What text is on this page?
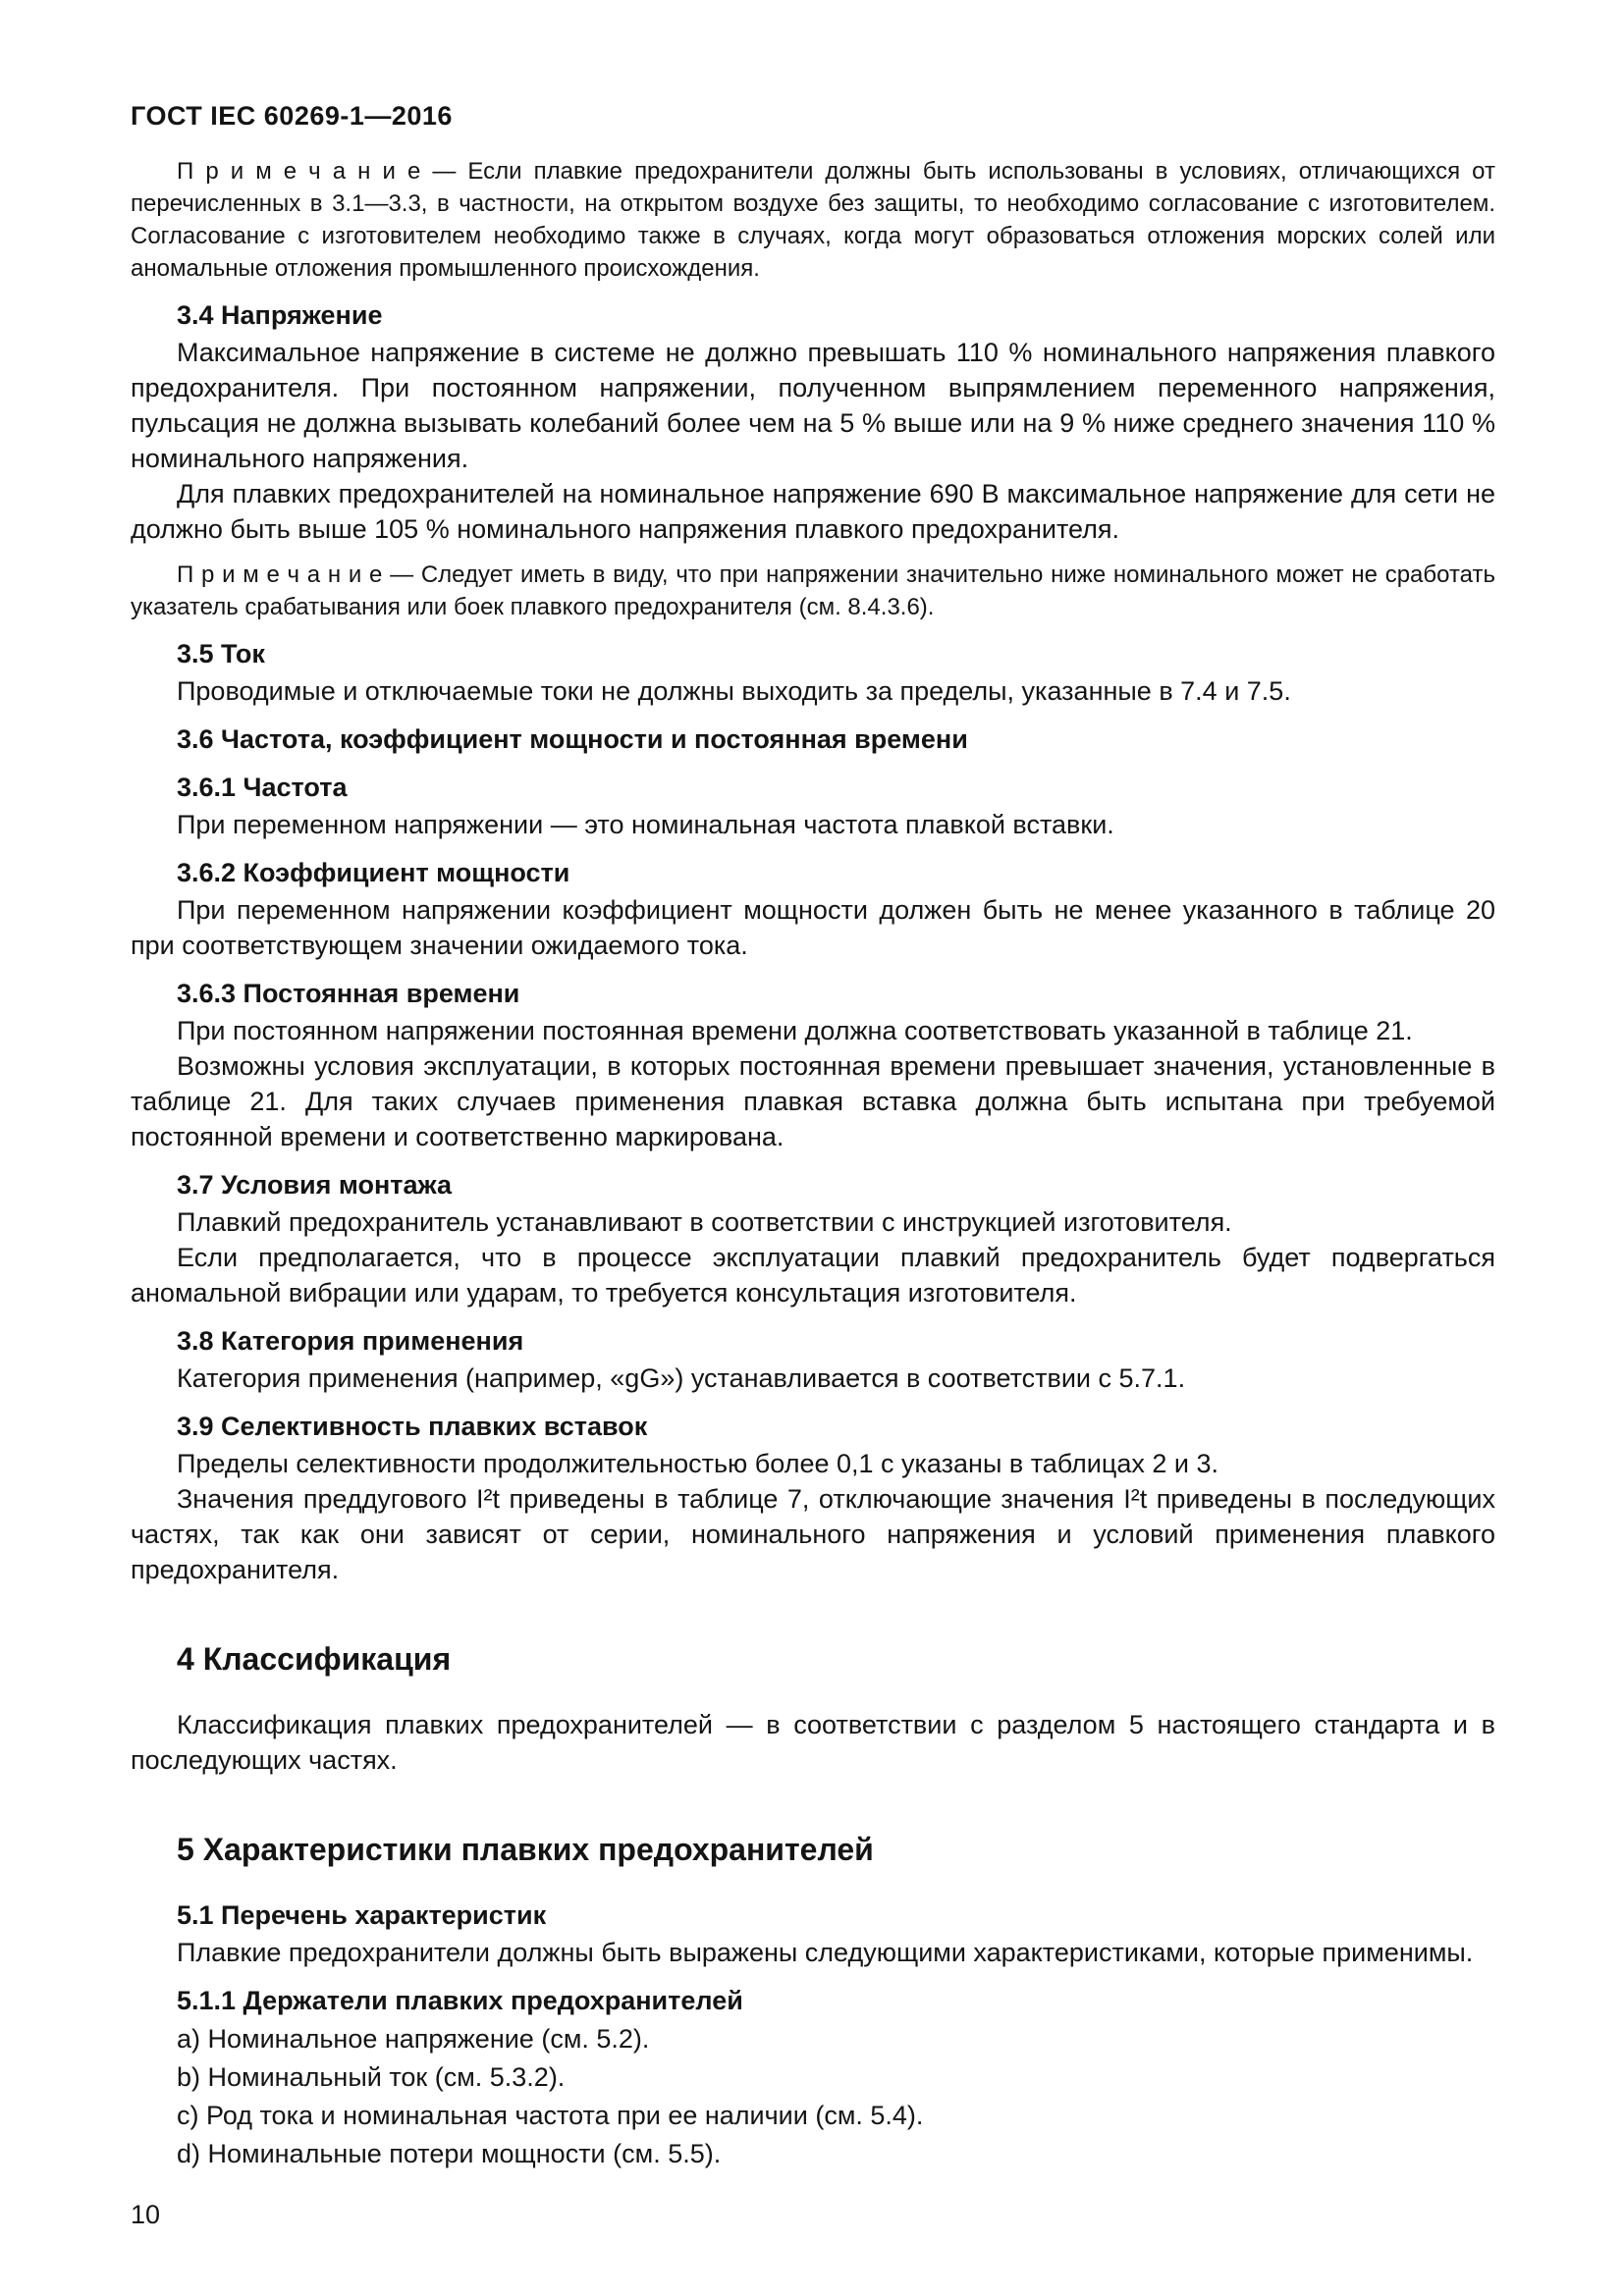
ГОСТ IEC 60269-1—2016
П р и м е ч а н и е — Если плавкие предохранители должны быть использованы в условиях, отличающихся от перечисленных в 3.1—3.3, в частности, на открытом воздухе без защиты, то необходимо согласование с изготовителем. Согласование с изготовителем необходимо также в случаях, когда могут образоваться отложения морских солей или аномальные отложения промышленного происхождения.
3.4 Напряжение
Максимальное напряжение в системе не должно превышать 110 % номинального напряжения плавкого предохранителя. При постоянном напряжении, полученном выпрямлением переменного напряжения, пульсация не должна вызывать колебаний более чем на 5 % выше или на 9 % ниже среднего значения 110 % номинального напряжения.
Для плавких предохранителей на номинальное напряжение 690 В максимальное напряжение для сети не должно быть выше 105 % номинального напряжения плавкого предохранителя.
П р и м е ч а н и е — Следует иметь в виду, что при напряжении значительно ниже номинального может не сработать указатель срабатывания или боек плавкого предохранителя (см. 8.4.3.6).
3.5 Ток
Проводимые и отключаемые токи не должны выходить за пределы, указанные в 7.4 и 7.5.
3.6 Частота, коэффициент мощности и постоянная времени
3.6.1 Частота
При переменном напряжении — это номинальная частота плавкой вставки.
3.6.2 Коэффициент мощности
При переменном напряжении коэффициент мощности должен быть не менее указанного в таблице 20 при соответствующем значении ожидаемого тока.
3.6.3 Постоянная времени
При постоянном напряжении постоянная времени должна соответствовать указанной в таблице 21.
Возможны условия эксплуатации, в которых постоянная времени превышает значения, установленные в таблице 21. Для таких случаев применения плавкая вставка должна быть испытана при требуемой постоянной времени и соответственно маркирована.
3.7 Условия монтажа
Плавкий предохранитель устанавливают в соответствии с инструкцией изготовителя.
Если предполагается, что в процессе эксплуатации плавкий предохранитель будет подвергаться аномальной вибрации или ударам, то требуется консультация изготовителя.
3.8 Категория применения
Категория применения (например, «gG») устанавливается в соответствии с 5.7.1.
3.9 Селективность плавких вставок
Пределы селективности продолжительностью более 0,1 с указаны в таблицах 2 и 3.
Значения преддугового I²t приведены в таблице 7, отключающие значения I²t приведены в последующих частях, так как они зависят от серии, номинального напряжения и условий применения плавкого предохранителя.
4 Классификация
Классификация плавких предохранителей — в соответствии с разделом 5 настоящего стандарта и в последующих частях.
5 Характеристики плавких предохранителей
5.1 Перечень характеристик
Плавкие предохранители должны быть выражены следующими характеристиками, которые применимы.
5.1.1 Держатели плавких предохранителей
a) Номинальное напряжение (см. 5.2).
b) Номинальный ток (см. 5.3.2).
c) Род тока и номинальная частота при ее наличии (см. 5.4).
d) Номинальные потери мощности (см. 5.5).
10
